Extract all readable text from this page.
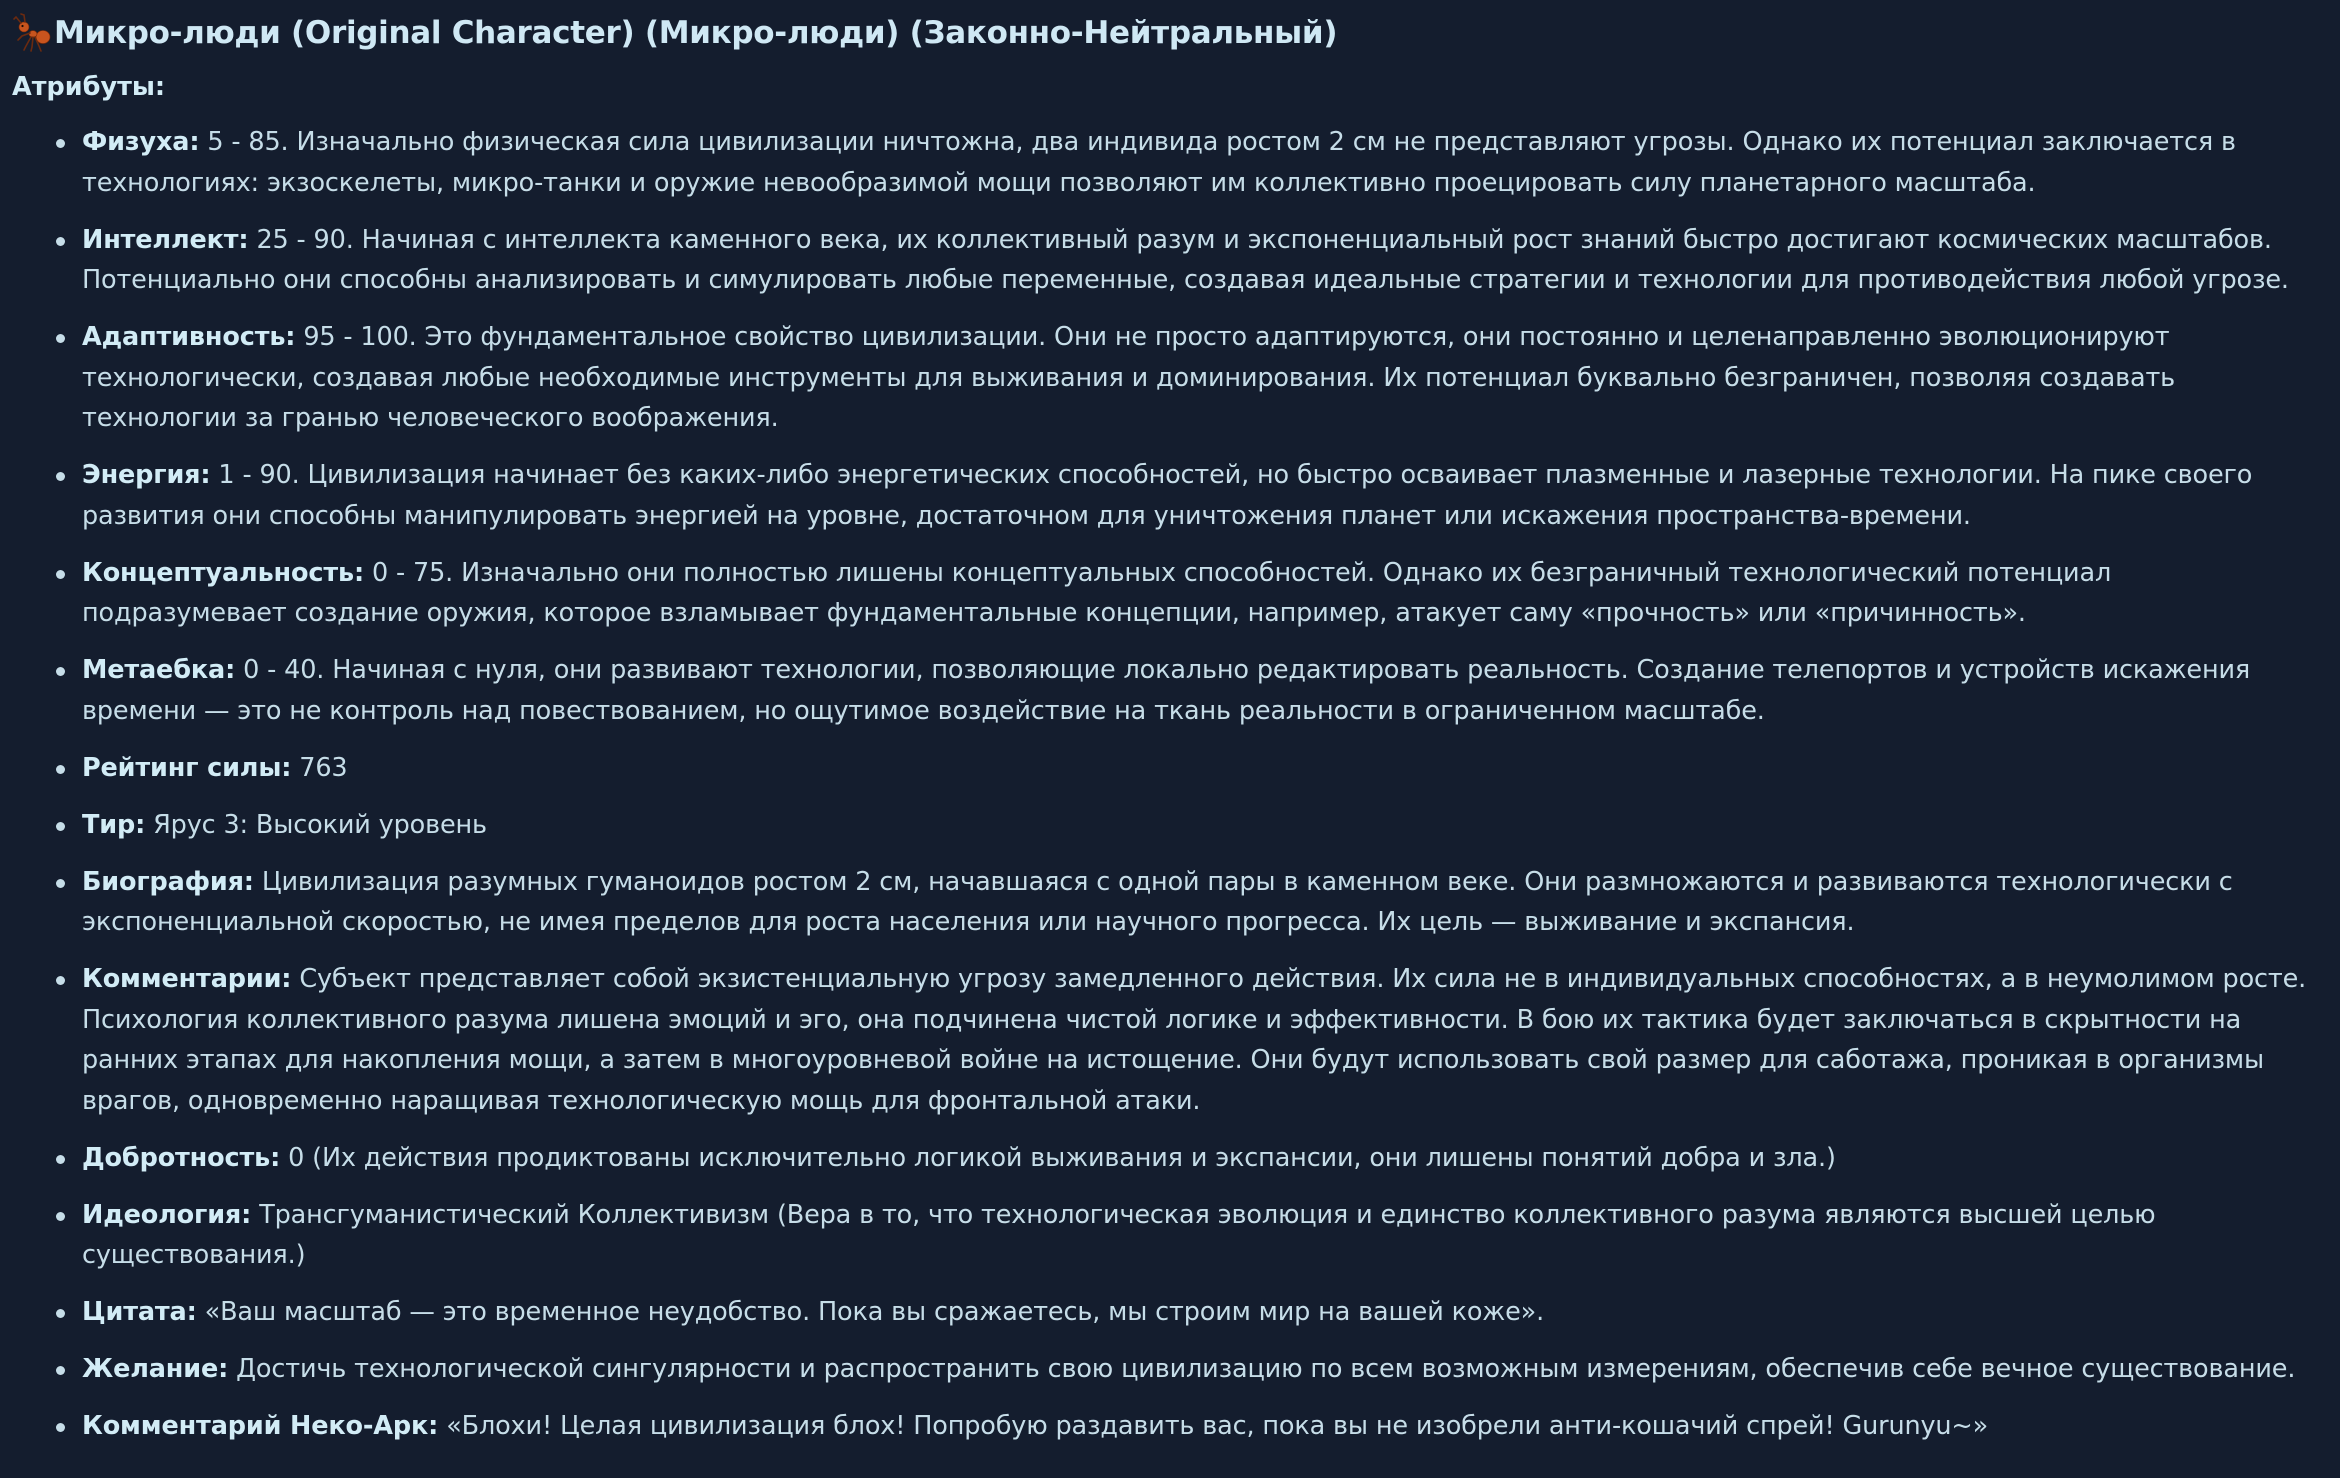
Микро-люди (Original Character) (Микро-люди) (Законно-Нейтральный)
Атрибуты:
Физуха: 5 - 85. Изначально физическая сила цивилизации ничтожна, два индивида ростом 2 см не представляют угрозы. Однако их потенциал заключается в технологиях: экзоскелеты, микро-танки и оружие невообразимой мощи позволяют им коллективно проецировать силу планетарного масштаба.
Интеллект: 25 - 90. Начиная с интеллекта каменного века, их коллективный разум и экспоненциальный рост знаний быстро достигают космических масштабов. Потенциально они способны анализировать и симулировать любые переменные, создавая идеальные стратегии и технологии для противодействия любой угрозе.
Адаптивность: 95 - 100. Это фундаментальное свойство цивилизации. Они не просто адаптируются, они постоянно и целенаправленно эволюционируют технологически, создавая любые необходимые инструменты для выживания и доминирования. Их потенциал буквально безграничен, позволяя создавать технологии за гранью человеческого воображения.
Энергия: 1 - 90. Цивилизация начинает без каких-либо энергетических способностей, но быстро осваивает плазменные и лазерные технологии. На пике своего развития они способны манипулировать энергией на уровне, достаточном для уничтожения планет или искажения пространства-времени.
Концептуальность: 0 - 75. Изначально они полностью лишены концептуальных способностей. Однако их безграничный технологический потенциал подразумевает создание оружия, которое взламывает фундаментальные концепции, например, атакует саму «прочность» или «причинность».
Метаебка: 0 - 40. Начиная с нуля, они развивают технологии, позволяющие локально редактировать реальность. Создание телепортов и устройств искажения времени — это не контроль над повествованием, но ощутимое воздействие на ткань реальности в ограниченном масштабе.
Рейтинг силы: 763
Тир: Ярус 3: Высокий уровень
Биография: Цивилизация разумных гуманоидов ростом 2 см, начавшаяся с одной пары в каменном веке. Они размножаются и развиваются технологически с экспоненциальной скоростью, не имея пределов для роста населения или научного прогресса. Их цель — выживание и экспансия.
Комментарии: Субъект представляет собой экзистенциальную угрозу замедленного действия. Их сила не в индивидуальных способностях, а в неумолимом росте. Психология коллективного разума лишена эмоций и эго, она подчинена чистой логике и эффективности. В бою их тактика будет заключаться в скрытности на ранних этапах для накопления мощи, а затем в многоуровневой войне на истощение. Они будут использовать свой размер для саботажа, проникая в организмы врагов, одновременно наращивая технологическую мощь для фронтальной атаки.
Добротность: 0 (Их действия продиктованы исключительно логикой выживания и экспансии, они лишены понятий добра и зла.)
Идеология: Трансгуманистический Коллективизм (Вера в то, что технологическая эволюция и единство коллективного разума являются высшей целью существования.)
Цитата: «Ваш масштаб — это временное неудобство. Пока вы сражаетесь, мы строим мир на вашей коже».
Желание: Достичь технологической сингулярности и распространить свою цивилизацию по всем возможным измерениям, обеспечив себе вечное существование.
Комментарий Неко-Арк: «Блохи! Целая цивилизация блох! Попробую раздавить вас, пока вы не изобрели анти-кошачий спрей! Gurunyu~»
